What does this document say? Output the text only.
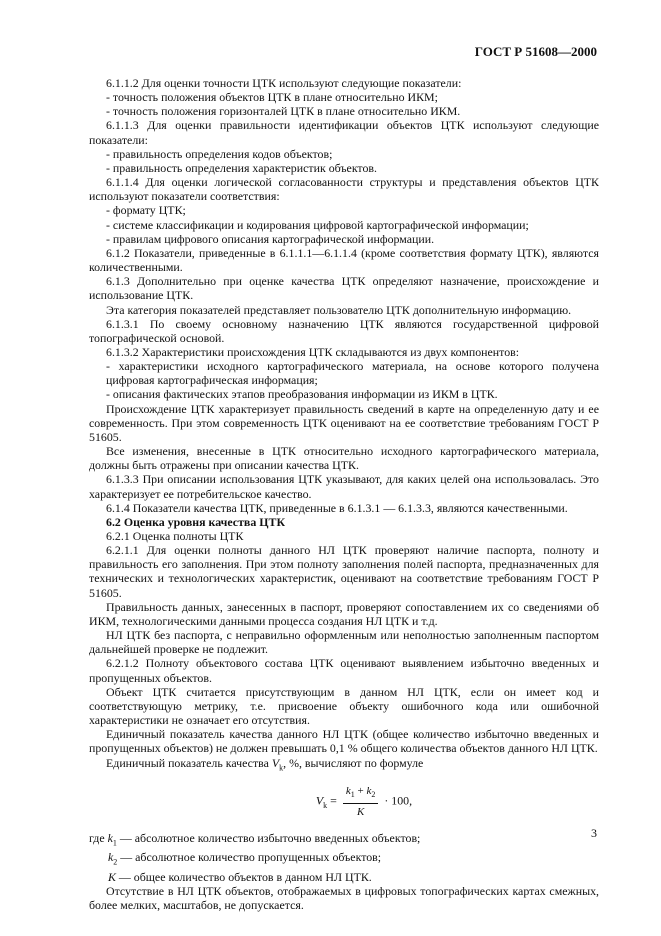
ГОСТ Р 51608—2000

6.1.1.2 Для оценки точности ЦТК используют следующие показатели:

- точность положения объектов ЦТК в плане относительно ИКМ;

- точность положения горизонталей ЦТК в плане относительно ИКМ.

6.1.1.3 Для оценки правильности идентификации объектов ЦТК используют следующие показатели:

- правильность определения кодов объектов;

- правильность определения характеристик объектов.

6.1.1.4 Для оценки логической согласованности структуры и представления объектов ЦТК используют показатели соответствия:

- формату ЦТК;

- системе классификации и кодирования цифровой картографической информации;

- правилам цифрового описания картографической информации.

6.1.2 Показатели, приведенные в 6.1.1.1—6.1.1.4 (кроме соответствия формату ЦТК), являются количественными.

6.1.3 Дополнительно при оценке качества ЦТК определяют назначение, происхождение и использование ЦТК.

Эта категория показателей представляет пользователю ЦТК дополнительную информацию.

6.1.3.1 По своему основному назначению ЦТК являются государственной цифровой топографической основой.

6.1.3.2 Характеристики происхождения ЦТК складываются из двух компонентов:

- характеристики исходного картографического материала, на основе которого получена цифровая картографическая информация;

- описания фактических этапов преобразования информации из ИКМ в ЦТК.

Происхождение ЦТК характеризует правильность сведений в карте на определенную дату и ее современность. При этом современность ЦТК оценивают на ее соответствие требованиям ГОСТ Р 51605.

Все изменения, внесенные в ЦТК относительно исходного картографического материала, должны быть отражены при описании качества ЦТК.

6.1.3.3 При описании использования ЦТК указывают, для каких целей она использовалась. Это характеризует ее потребительское качество.

6.1.4 Показатели качества ЦТК, приведенные в 6.1.3.1 — 6.1.3.3, являются качественными.

6.2 Оценка уровня качества ЦТК

6.2.1 Оценка полноты ЦТК

6.2.1.1 Для оценки полноты данного НЛ ЦТК проверяют наличие паспорта, полноту и правильность его заполнения. При этом полноту заполнения полей паспорта, предназначенных для технических и технологических характеристик, оценивают на соответствие требованиям ГОСТ Р 51605.

Правильность данных, занесенных в паспорт, проверяют сопоставлением их со сведениями об ИКМ, технологическими данными процесса создания НЛ ЦТК и т.д.

НЛ ЦТК без паспорта, с неправильно оформленным или неполностью заполненным паспортом дальнейшей проверке не подлежит.

6.2.1.2 Полноту объектового состава ЦТК оценивают выявлением избыточно введенных и пропущенных объектов.

Объект ЦТК считается присутствующим в данном НЛ ЦТК, если он имеет код и соответствующую метрику, т.е. присвоение объекту ошибочного кода или ошибочной характеристики не означает его отсутствия.

Единичный показатель качества данного НЛ ЦТК (общее количество избыточно введенных и пропущенных объектов) не должен превышать 0,1 % общего количества объектов данного НЛ ЦТК.

Единичный показатель качества $V_k$, %, вычисляют по формуле

$V_k = \frac{k_1 + k_2}{K} \cdot 100$,

где $k_1$ — абсолютное количество избыточно введенных объектов;

$k_2$ — абсолютное количество пропущенных объектов;

K — общее количество объектов в данном НЛ ЦТК.

Отсутствие в НЛ ЦТК объектов, отображаемых в цифровых топографических картах смежных, более мелких, масштабов, не допускается.

3
